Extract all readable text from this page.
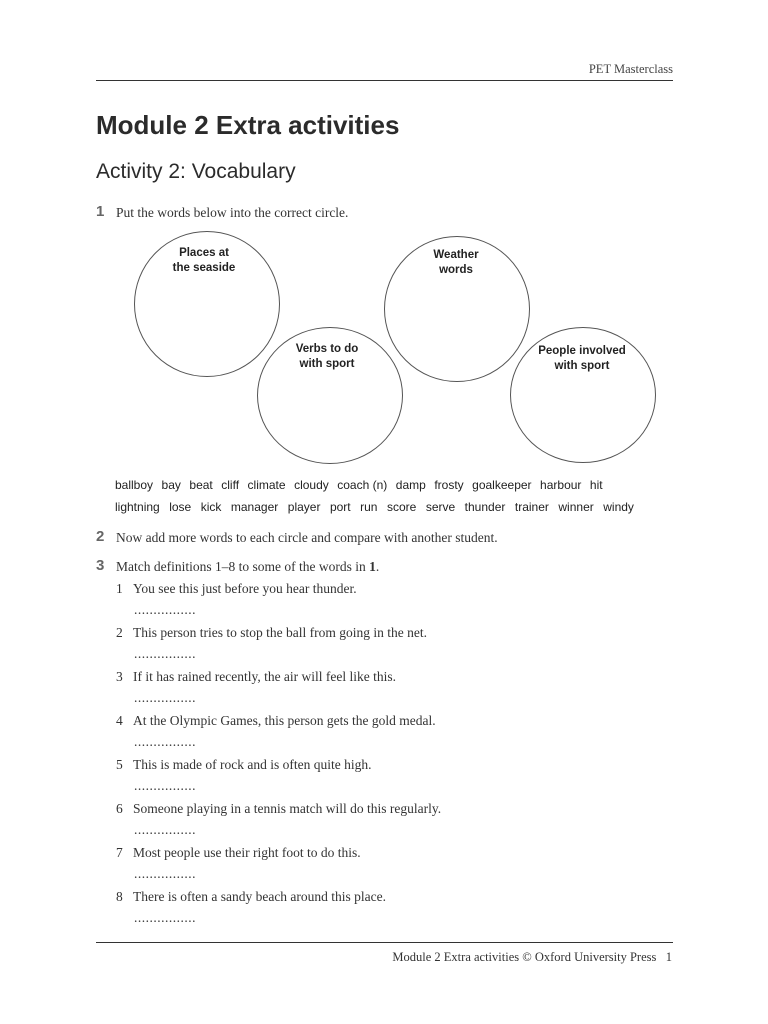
PET Masterclass
Module 2 Extra activities
Activity 2: Vocabulary
1 Put the words below into the correct circle.
Places at
the seaside
Verbs to do
with sport
Weather
words
People involved
with sport
ballboy bay beat cliff climate cloudy coach (n) damp frosty goalkeeper harbour hit
lightning lose kick manager player port run score serve thunder trainer winner windy
2 Now add more words to each circle and compare with another student.
3 Match definitions 1–8 to some of the words in 1.
1 You see this just before you hear thunder.
................
2 This person tries to stop the ball from going in the net.
................
3 If it has rained recently, the air will feel like this.
................
4 At the Olympic Games, this person gets the gold medal.
................
5 This is made of rock and is often quite high.
................
6 Someone playing in a tennis match will do this regularly.
................
7 Most people use their right foot to do this.
................
8 There is often a sandy beach around this place.
................
Module 2 Extra activities © Oxford University Press 1
